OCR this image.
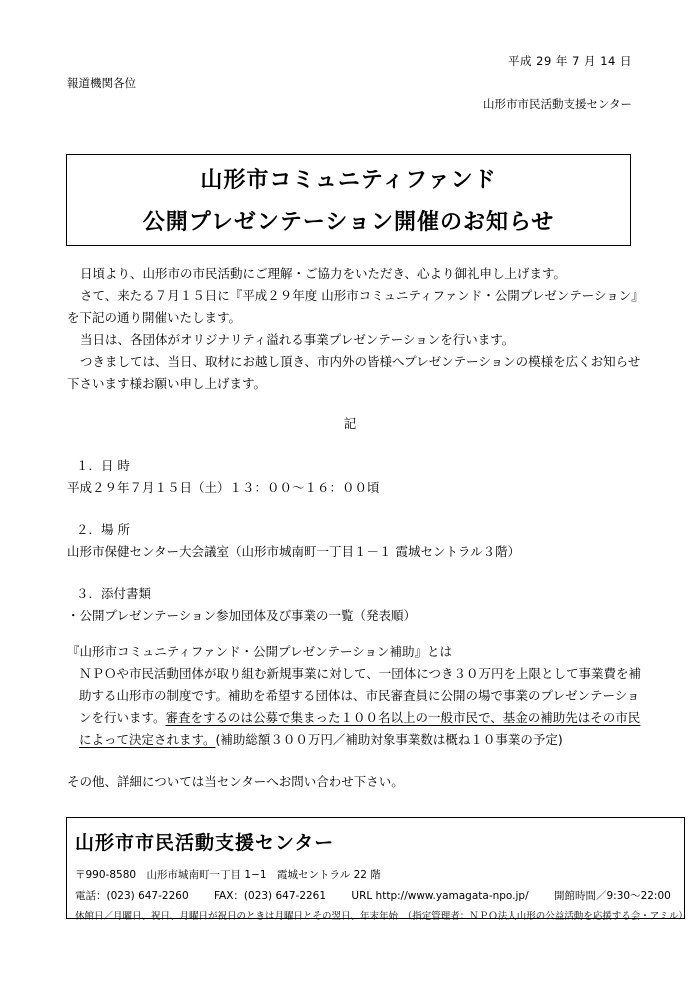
平成 29 年 7 月 14 日
報道機関各位
山形市市民活動支援センター
山形市コミュニティファンド
公開プレゼンテーション開催のお知らせ
日頃より、山形市の市民活動にご理解・ご協力をいただき、心より御礼申し上げます。
さて、来たる７月１５日に『平成２９年度 山形市コミュニティファンド・公開プレゼンテーション』
を下記の通り開催いたします。
当日は、各団体がオリジナリティ溢れる事業プレゼンテーションを行います。
つきましては、当日、取材にお越し頂き、市内外の皆様へプレゼンテーションの模様を広くお知らせ
下さいます様お願い申し上げます。
記
１．日 時
平成２９年７月１５日（土）１３：００～１６：００頃
２．場 所
山形市保健センター大会議室（山形市城南町一丁目１－１ 霞城セントラル３階）
３．添付書類
・公開プレゼンテーション参加団体及び事業の一覧（発表順）
『山形市コミュニティファンド・公開プレゼンテーション補助』とは
ＮＰＯや市民活動団体が取り組む新規事業に対して、一団体につき３０万円を上限として事業費を補
助する山形市の制度です。補助を希望する団体は、市民審査員に公開の場で事業のプレゼンテーショ
ンを行います。審査をするのは公募で集まった１００名以上の一般市民で、基金の補助先はその市民
によって決定されます。(補助総額３００万円／補助対象事業数は概ね１０事業の予定)
その他、詳細については当センターへお問い合わせ下さい。
山形市市民活動支援センター
〒990-8580　山形市城南町一丁目 1−1　霞城セントラル 22 階
電話：(023) 647-2260 FAX：(023) 647-2261 URL http://www.yamagata-npo.jp/ 開館時間／9:30～22:00
休館日／月曜日、祝日、月曜日が祝日のときは月曜日とその翌日、年末年始　（指定管理者：ＮＰＯ法人山形の公益活動を応援する会・アミル）
